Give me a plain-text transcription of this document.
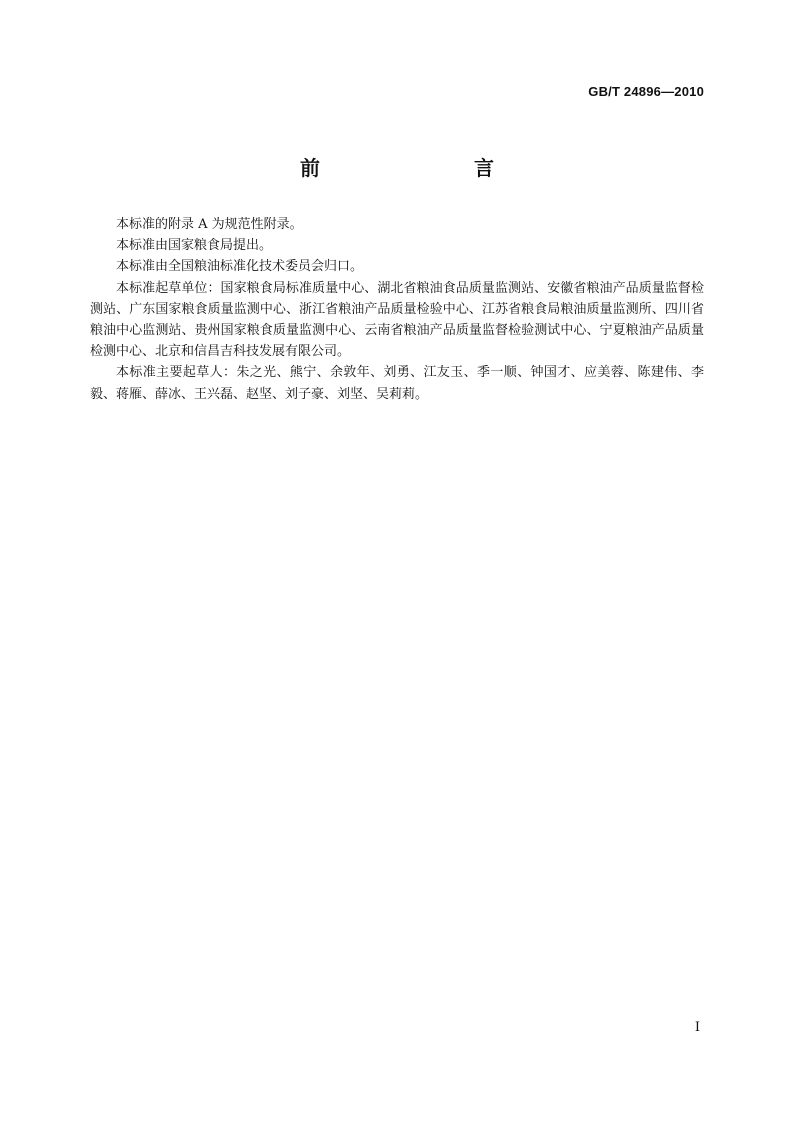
GB/T 24896—2010
前　　言

本标准的附录 A 为规范性附录。

本标准由国家粮食局提出。

本标准由全国粮油标准化技术委员会归口。

本标准起草单位：国家粮食局标准质量中心、湖北省粮油食品质量监测站、安徽省粮油产品质量监督检测站、广东国家粮食质量监测中心、浙江省粮油产品质量检验中心、江苏省粮食局粮油质量监测所、四川省粮油中心监测站、贵州国家粮食质量监测中心、云南省粮油产品质量监督检验测试中心、宁夏粮油产品质量检测中心、北京和信昌吉科技发展有限公司。

本标准主要起草人：朱之光、熊宁、余敦年、刘勇、江友玉、季一顺、钟国才、应美蓉、陈建伟、李毅、蒋雁、薛冰、王兴磊、赵坚、刘子豪、刘坚、吴莉莉。

I
